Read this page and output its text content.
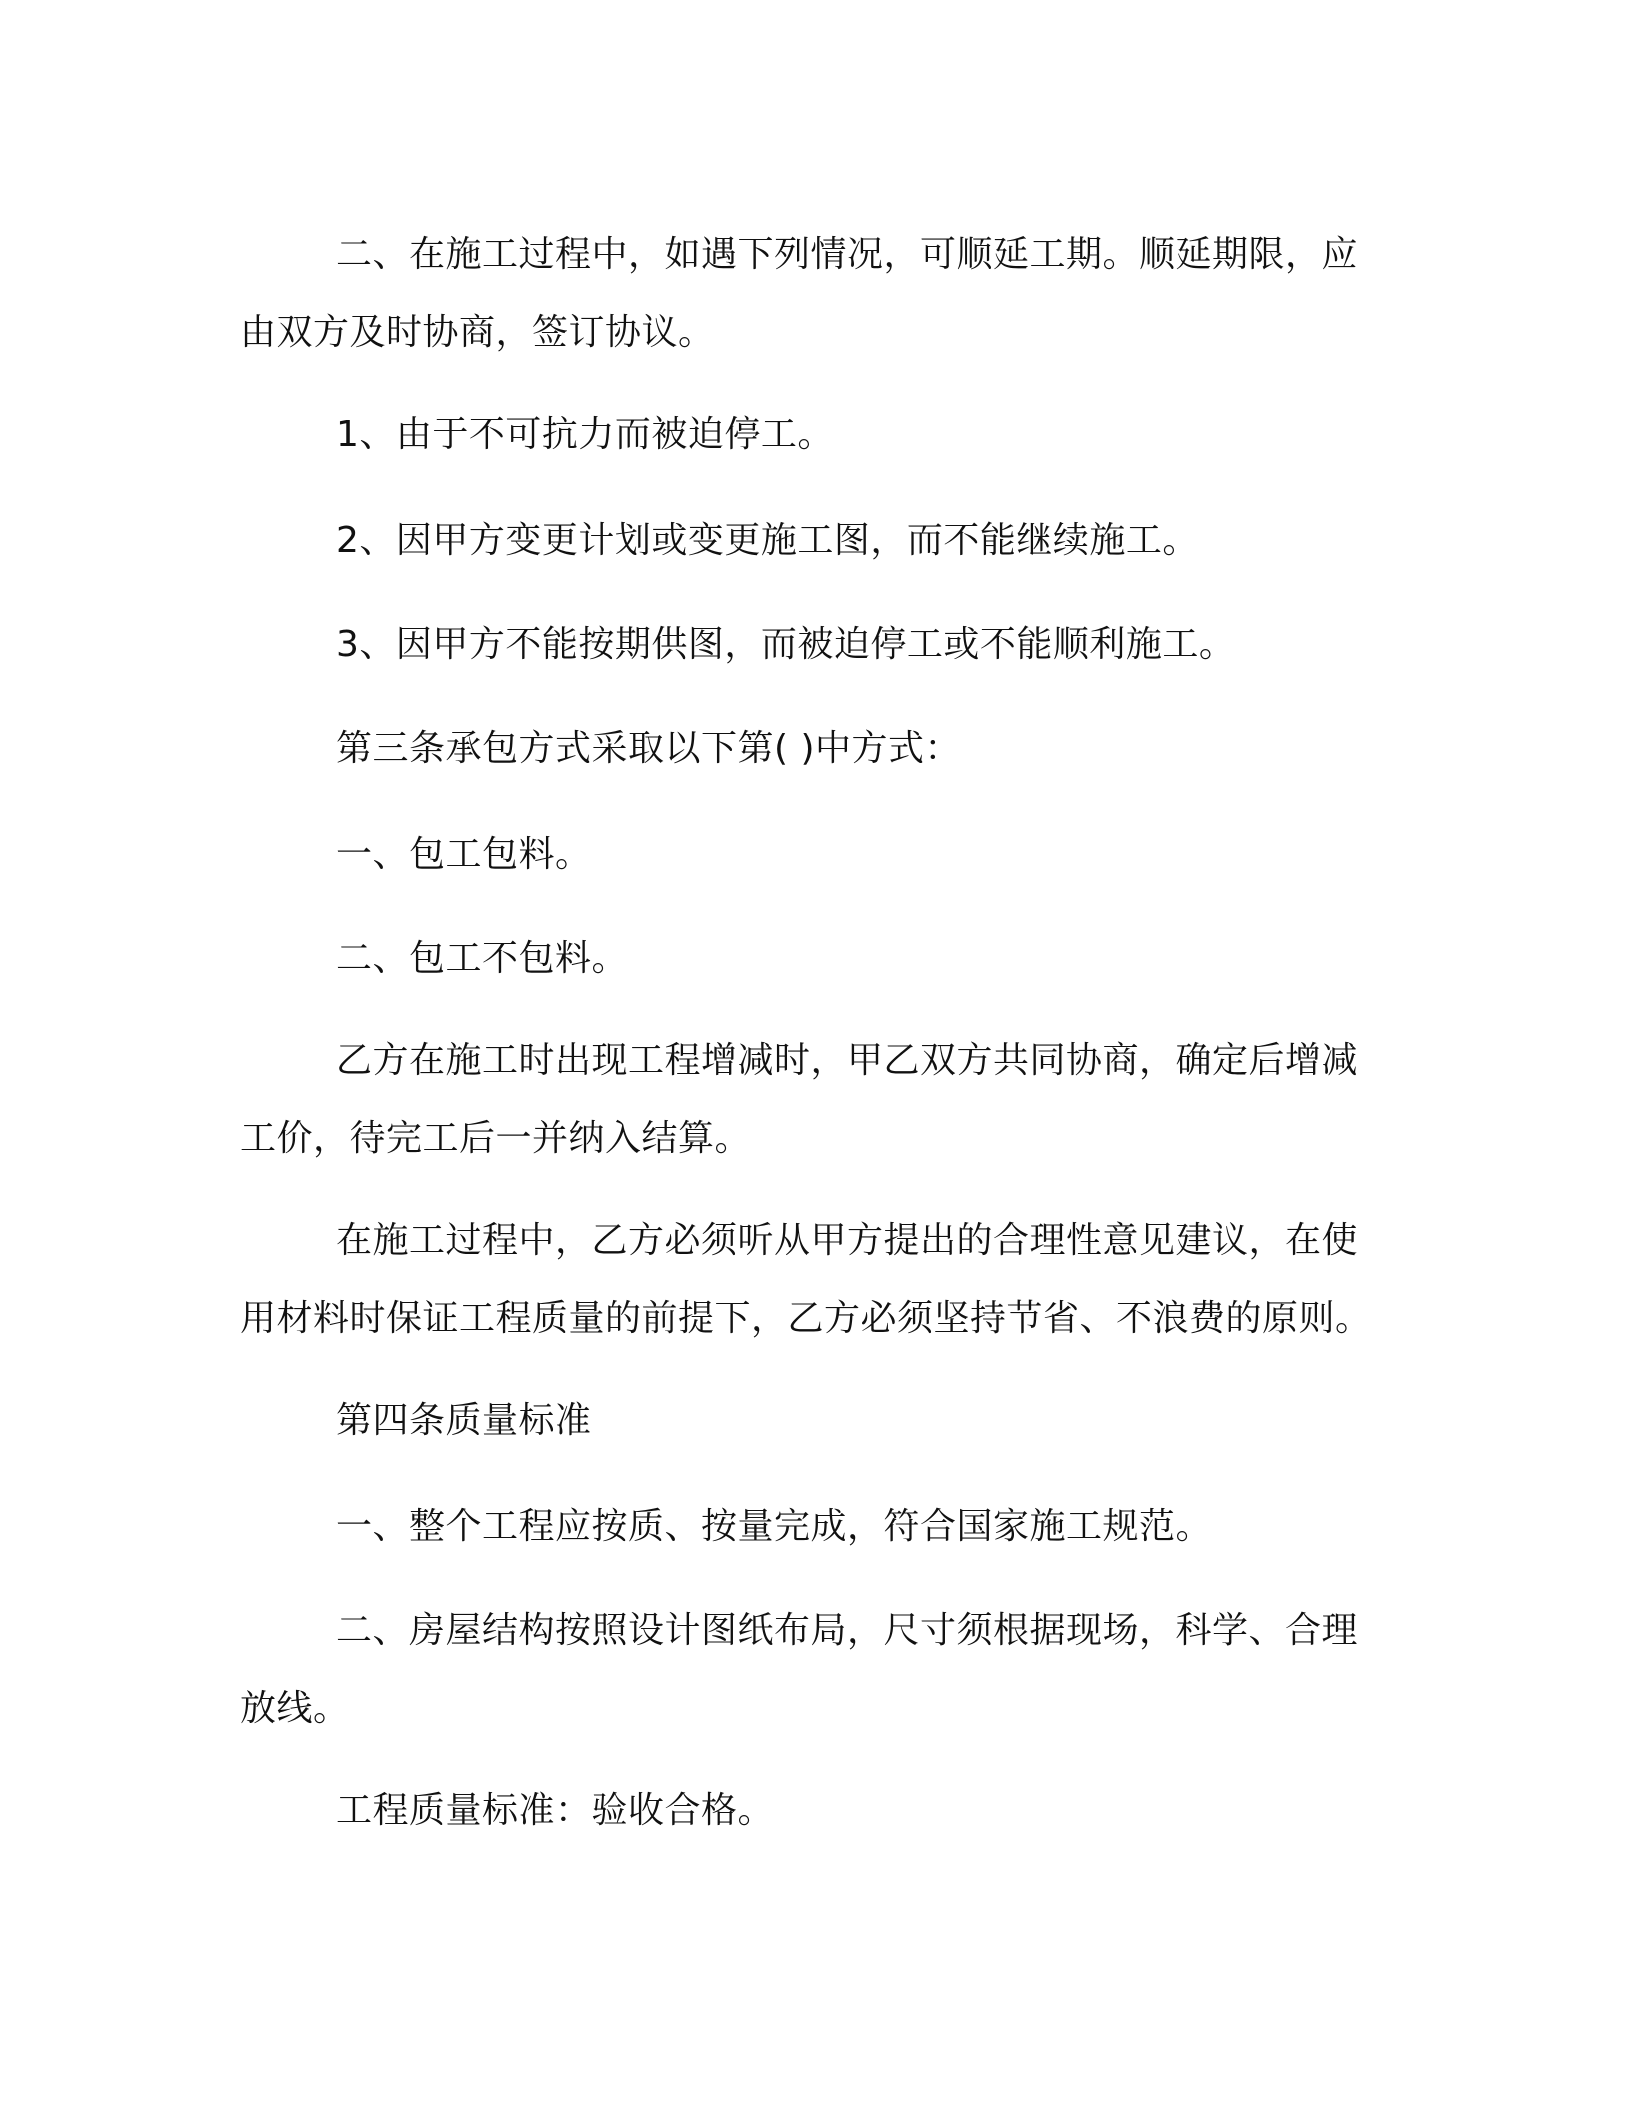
二、在施工过程中，如遇下列情况，可顺延工期。顺延期限，应由双方及时协商，签订协议。

1、由于不可抗力而被迫停工。

2、因甲方变更计划或变更施工图，而不能继续施工。

3、因甲方不能按期供图，而被迫停工或不能顺利施工。

第三条承包方式采取以下第( )中方式：

一、包工包料。

二、包工不包料。

乙方在施工时出现工程增减时，甲乙双方共同协商，确定后增减工价，待完工后一并纳入结算。

在施工过程中，乙方必须听从甲方提出的合理性意见建议，在使用材料时保证工程质量的前提下，乙方必须坚持节省、不浪费的原则。

第四条质量标准

一、整个工程应按质、按量完成，符合国家施工规范。

二、房屋结构按照设计图纸布局，尺寸须根据现场，科学、合理放线。

工程质量标准：验收合格。
